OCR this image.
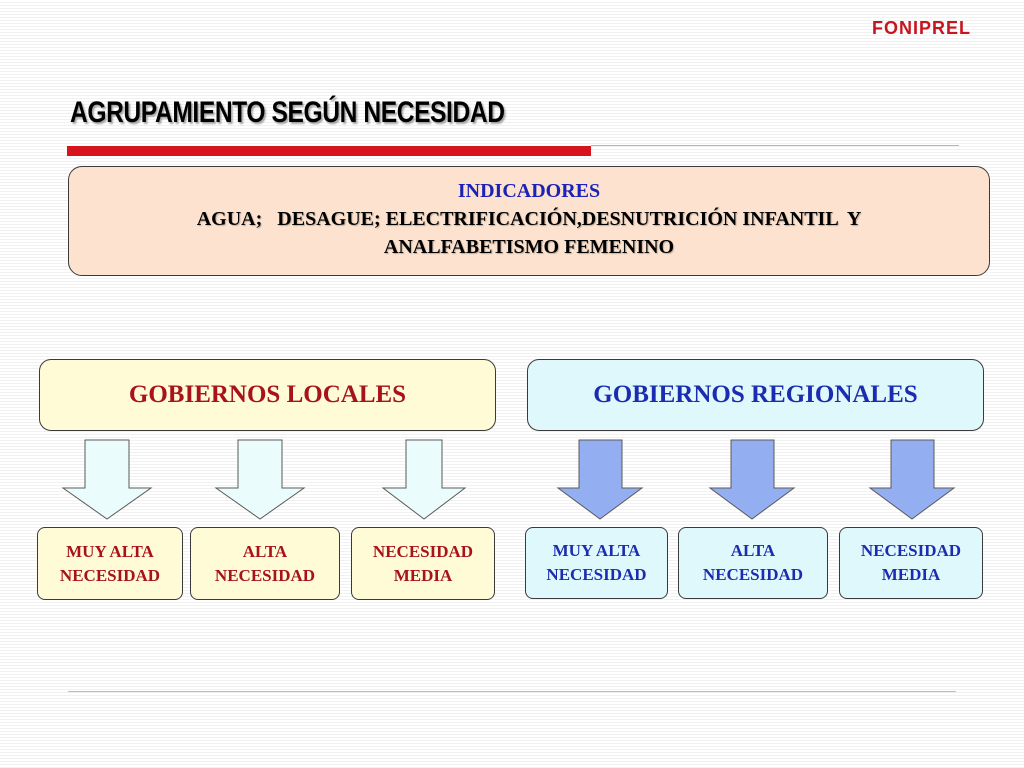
FONIPREL
AGRUPAMIENTO SEGÚN NECESIDAD
INDICADORES
AGUA;   DESAGUE; ELECTRIFICACIÓN,DESNUTRICIÓN INFANTIL  Y
ANALFABETISMO FEMENINO
GOBIERNOS LOCALES	GOBIERNOS REGIONALES
MUY ALTA
NECESIDAD
ALTA
NECESIDAD
NECESIDAD
MEDIA
MUY ALTA
NECESIDAD
ALTA
NECESIDAD
NECESIDAD
MEDIA
